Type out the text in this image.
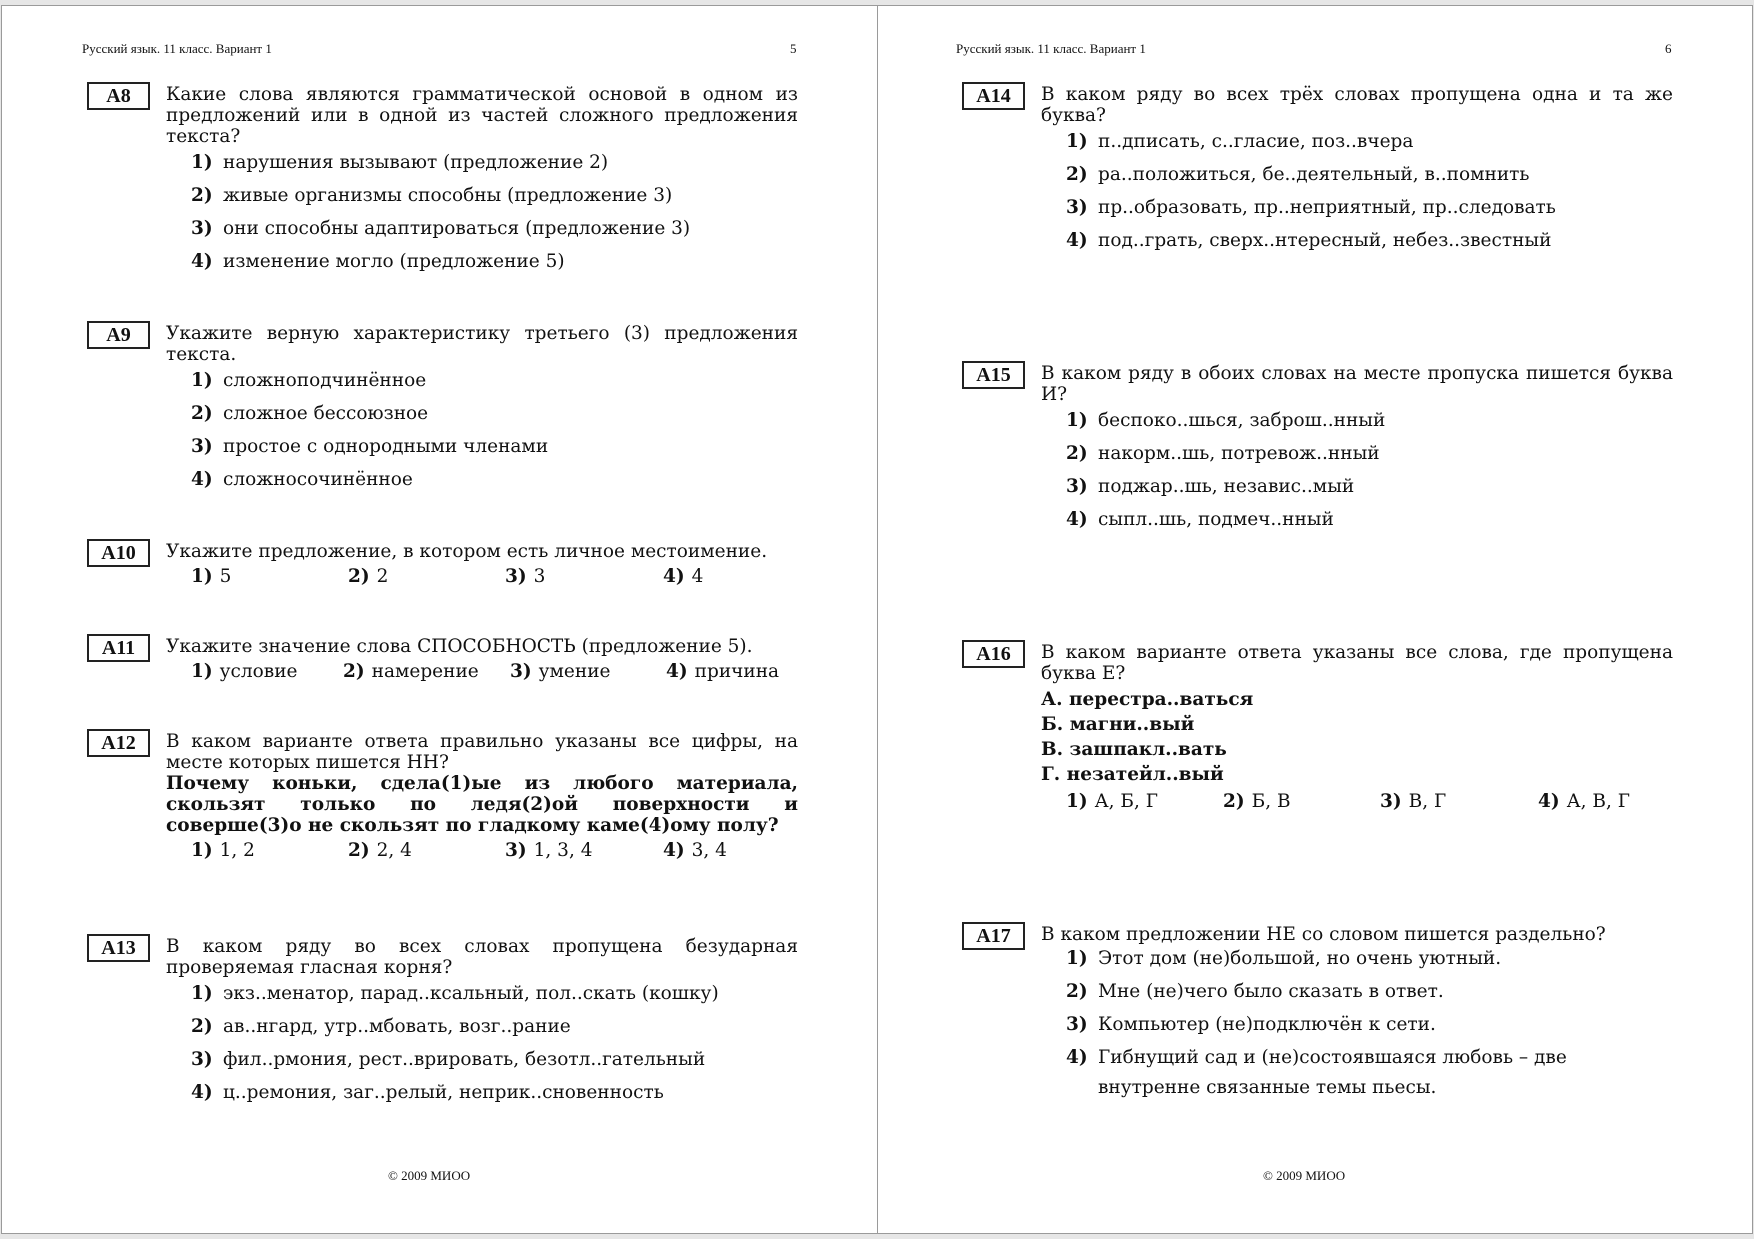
Русский язык. 11 класс. Вариант 1	5
A8	Какие слова являются грамматической основой в одном из предложений или в одной из частей сложного предложения текста?

1) нарушения вызывают (предложение 2)
2) живые организмы способны (предложение 3)
3) они способны адаптироваться (предложение 3)
4) изменение могло (предложение 5)
A9	Укажите верную характеристику третьего (3) предложения текста.

1) сложноподчинённое
2) сложное бессоюзное
3) простое с однородными членами
4) сложносочинённое
A10	Укажите предложение, в котором есть личное местоимение.

1) 5	2) 2	3) 3	4) 4
A11	Укажите значение слова СПОСОБНОСТЬ (предложение 5).

1) условие 2) намерение 3) умение	4) причина
A12	В каком варианте ответа правильно указаны все цифры, на месте которых пишется НН?

Почему коньки, сдела(1)ые из любого материала, скользят только по ледя(2)ой поверхности и соверше(3)о не скользят по гладкому каме(4)ому полу?

1) 1, 2	2) 2, 4	3) 1, 3, 4	4) 3, 4
A13	В каком ряду во всех словах пропущена безударная проверяемая гласная корня?

1) экз..менатор, парад..ксальный, пол..скать (кошку)
2) ав..нгард, утр..мбовать, возг..рание
3) фил..рмония, рест..врировать, безотл..гательный
4) ц..ремония, заг..релый, неприк..сновенность
© 2009 МИОО
Русский язык. 11 класс. Вариант 1	6
A14	В каком ряду во всех трёх словах пропущена одна и та же буква?

1) п..дписать, с..гласие, поз..вчера
2) ра..положиться, бе..деятельный, в..помнить
3) пр..образовать, пр..неприятный, пр..следовать
4) под..грать, сверх..нтересный, небез..звестный
A15	В каком ряду в обоих словах на месте пропуска пишется буква И?

1) беспоко..шься, заброш..нный
2) накорм..шь, потревож..нный
3) поджар..шь, независ..мый
4) сыпл..шь, подмеч..нный
A16	В каком варианте ответа указаны все слова, где пропущена буква Е?

А. перестра..ваться
Б. магни..вый
В. зашпакл..вать
Г. незатейл..вый
1) А, Б, Г	2) Б, В	3) В, Г	4) А, В, Г
A17	В каком предложении НЕ со словом пишется раздельно?

1) Этот дом (не)большой, но очень уютный.
2) Мне (не)чего было сказать в ответ.
3) Компьютер (не)подключён к сети.
4) Гибнущий сад и (не)состоявшаяся любовь – две
внутренне связанные темы пьесы.
© 2009 МИОО
